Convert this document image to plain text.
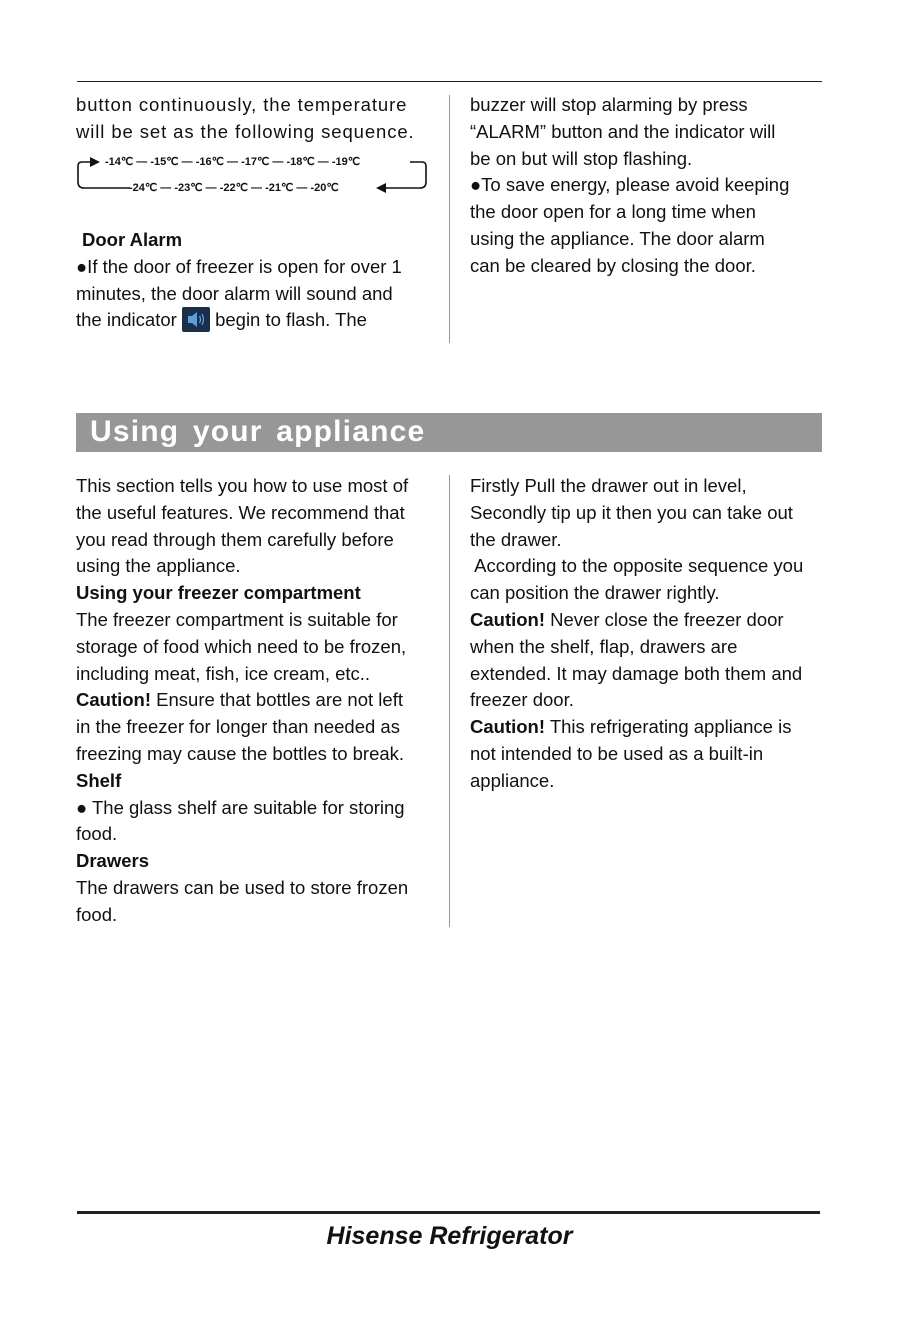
button continuously, the temperature

will be set as the following sequence.

-14℃ — -15℃ — -16℃ — -17℃ — -18℃ — -19℃
-24℃ — -23℃ — -22℃ — -21℃ — -20℃

Door Alarm

●If the door of freezer is open for over 1

minutes, the door alarm will sound and

the indicator begin to flash. The

buzzer will stop alarming by press

“ALARM” button and the indicator will

be on but will stop flashing.

●To save energy, please avoid keeping

the door open for a long time when

using the appliance. The door alarm

can be cleared by closing the door.

Using your appliance

This section tells you how to use most of

the useful features. We recommend that

you read through them carefully before

using the appliance.

Using your freezer compartment

The freezer compartment is suitable for

storage of food which need to be frozen,

including meat, fish, ice cream, etc..

Caution! Ensure that bottles are not left

in the freezer for longer than needed as

freezing may cause the bottles to break.

Shelf

● The glass shelf are suitable for storing

food.

Drawers

The drawers can be used to store frozen

food.

Firstly Pull the drawer out in level,

Secondly tip up it then you can take out

the drawer.

According to the opposite sequence you

can position the drawer rightly.

Caution! Never close the freezer door

when the shelf, flap, drawers are

extended. It may damage both them and

freezer door.

Caution! This refrigerating appliance is

not intended to be used as a built-in

appliance.

Hisense Refrigerator
